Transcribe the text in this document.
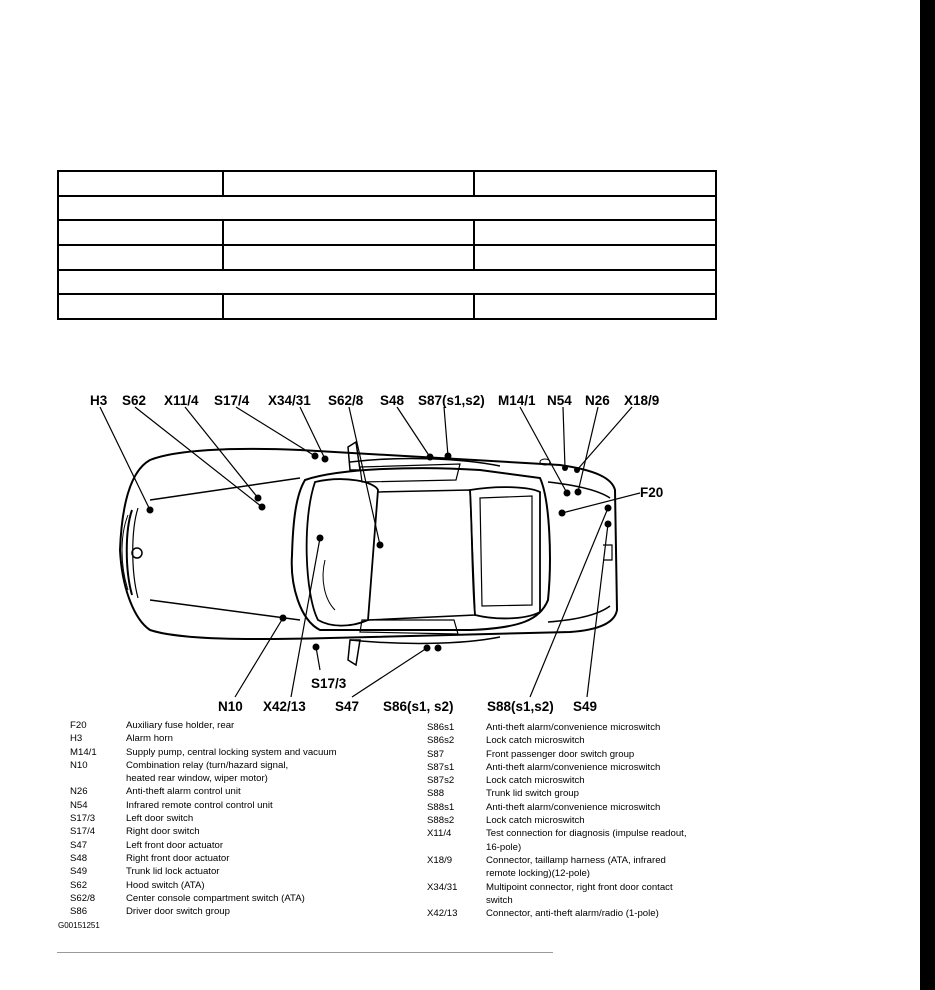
H3 S62 X11/4 S17/4 X34/31 S62/8 S48 S87(s1,s2) M14/1 N54 N26 X18/9
F20
S17/3
N10 X42/13 S47 S86(s1, s2) S88(s1,s2) S49
F20	Auxiliary fuse holder, rear
H3	Alarm horn
M14/1	Supply pump, central locking system and vacuum
N10	Combination relay (turn/hazard signal,
heated rear window, wiper motor)
N26	Anti-theft alarm control unit
N54	Infrared remote control control unit
S17/3	Left door switch
S17/4	Right door switch
S47	Left front door actuator
S48	Right front door actuator
S49	Trunk lid lock actuator
S62	Hood switch (ATA)
S62/8	Center console compartment switch (ATA)
S86	Driver door switch group
S86s1	Anti-theft alarm/convenience microswitch
S86s2	Lock catch microswitch
S87	Front passenger door switch group
S87s1	Anti-theft alarm/convenience microswitch
S87s2	Lock catch microswitch
S88	Trunk lid switch group
S88s1	Anti-theft alarm/convenience microswitch
S88s2	Lock catch microswitch
X11/4	Test connection for diagnosis (impulse readout,
16-pole)
X18/9	Connector, taillamp harness (ATA, infrared
remote locking)(12-pole)
X34/31	Multipoint connector, right front door contact
switch
X42/13	Connector, anti-theft alarm/radio (1-pole)
G00151251
